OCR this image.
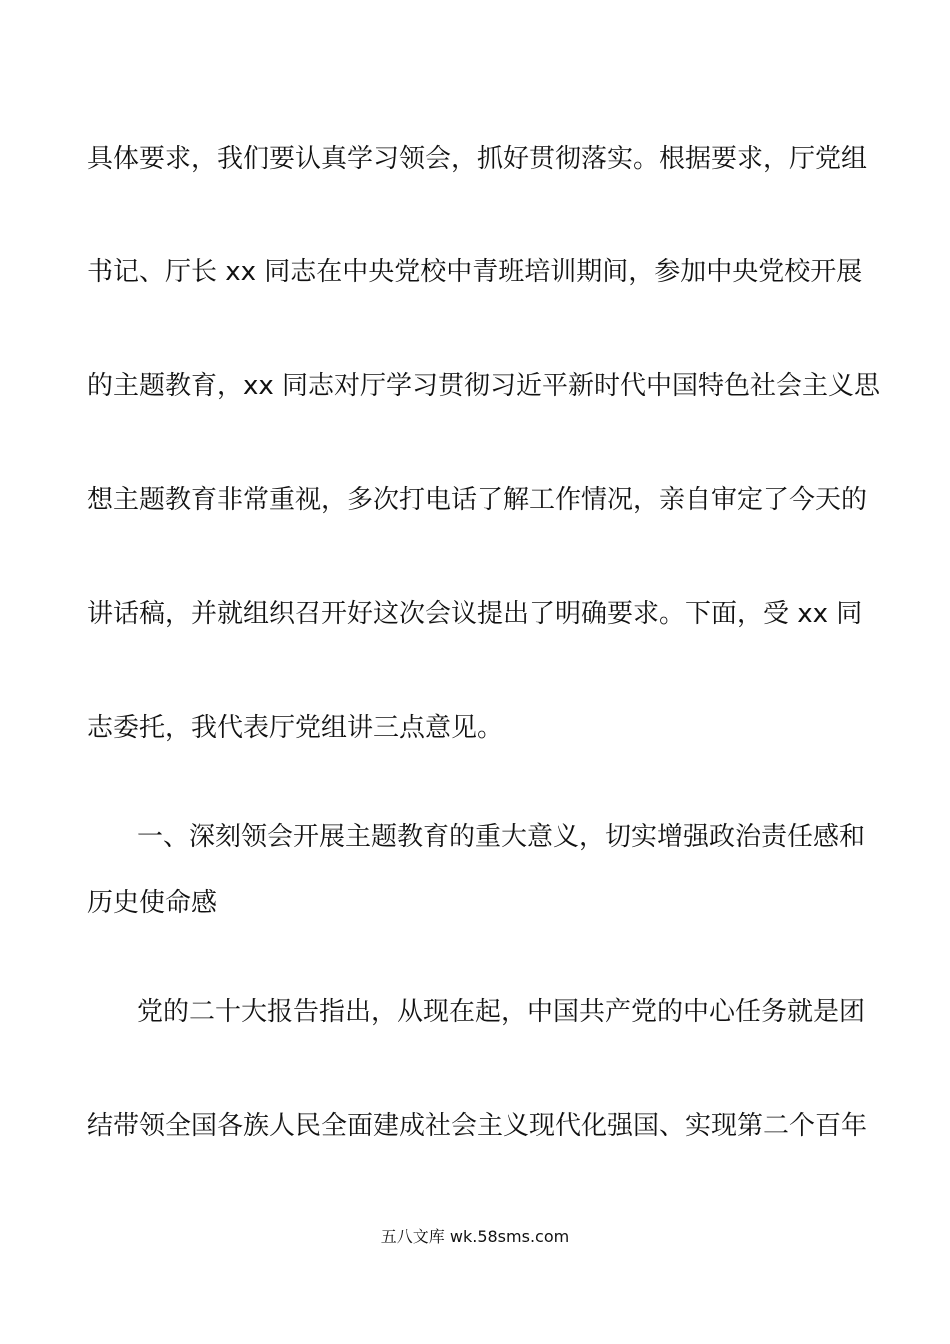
具体要求，我们要认真学习领会，抓好贯彻落实。根据要求，厅党组
书记、厅长 xx 同志在中央党校中青班培训期间，参加中央党校开展
的主题教育，xx 同志对厅学习贯彻习近平新时代中国特色社会主义思
想主题教育非常重视，多次打电话了解工作情况，亲自审定了今天的
讲话稿，并就组织召开好这次会议提出了明确要求。下面，受 xx 同
志委托，我代表厅党组讲三点意见。
一、深刻领会开展主题教育的重大意义，切实增强政治责任感和
历史使命感
党的二十大报告指出，从现在起，中国共产党的中心任务就是团
结带领全国各族人民全面建成社会主义现代化强国、实现第二个百年
五八文库 wk.58sms.com
